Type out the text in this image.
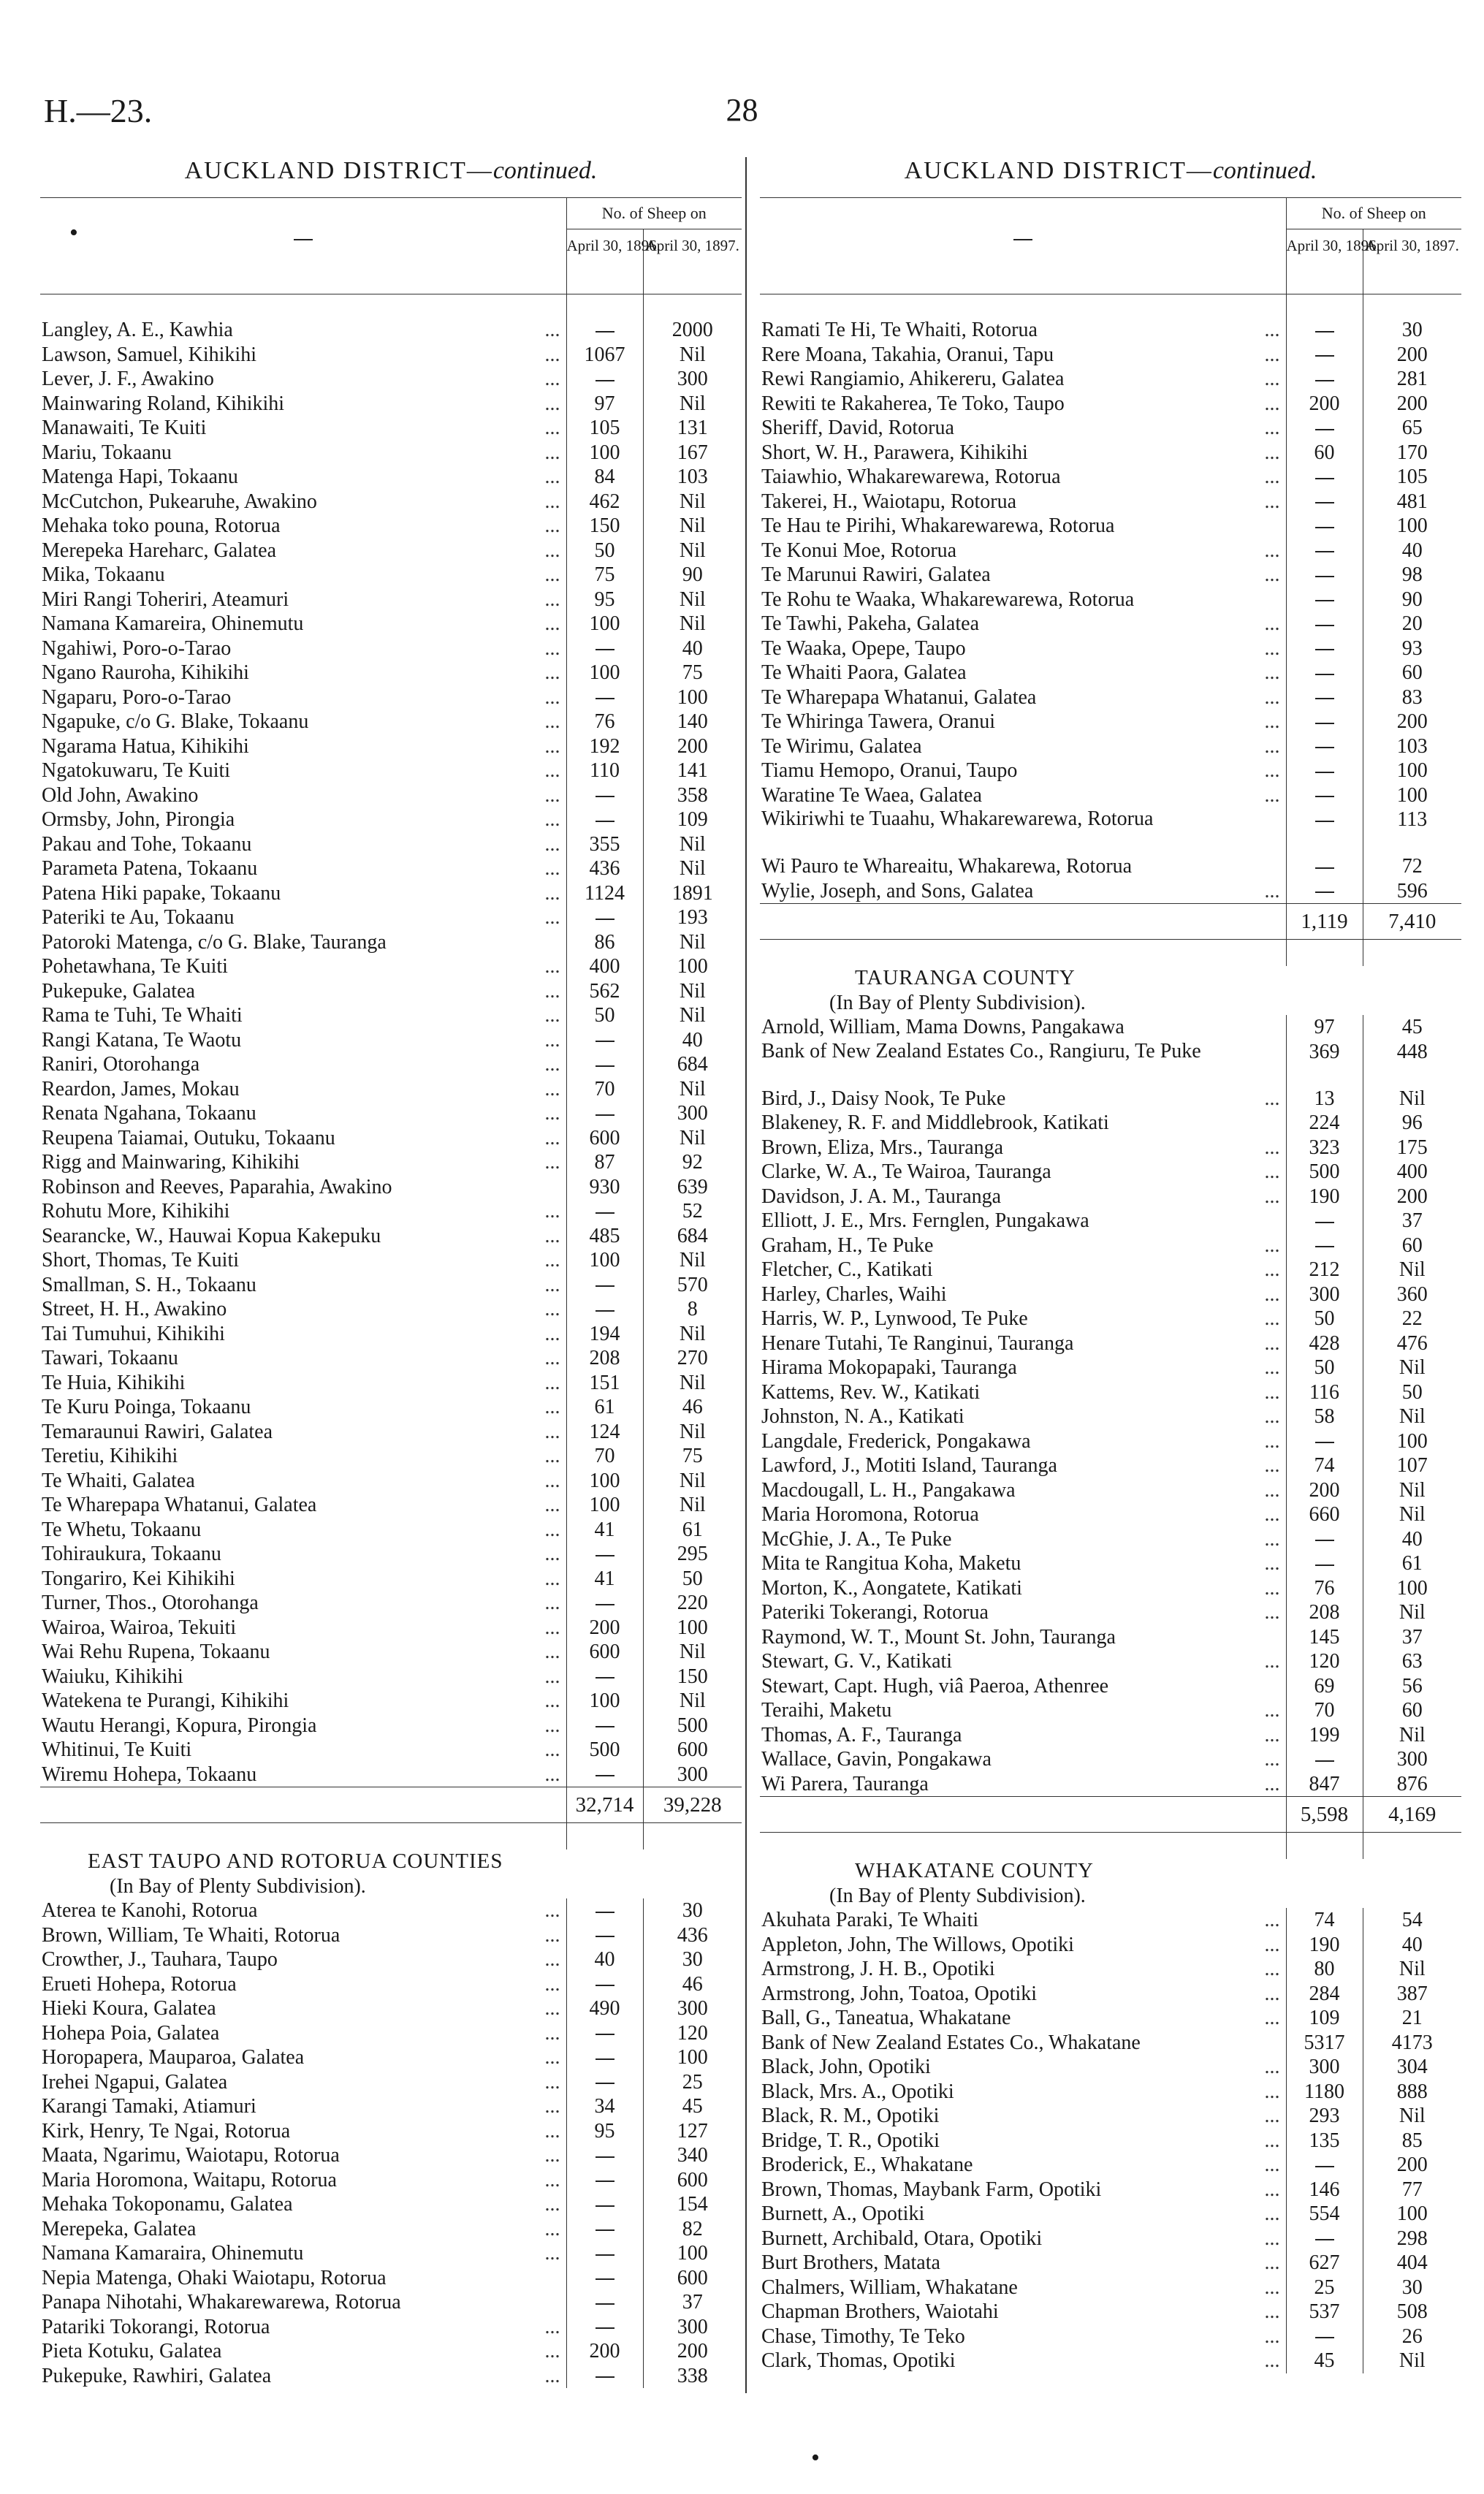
H.—23.	28
AUCKLAND DISTRICT—continued.
	No. of Sheep on	
	April 30, 1896.	April 30, 1897.

Langley, A. E., Kawhia ...		2000
Lawson, Samuel, Kihikihi ...	1067	Nil
Lever, J. F., Awakino ...		300
Mainwaring Roland, Kihikihi ...	97	Nil
Manawaiti, Te Kuiti ...	105	131
Mariu, Tokaanu ...	100	167
Matenga Hapi, Tokaanu ...	84	103
McCutchon, Pukearuhe, Awakino ...	462	Nil
Mehaka toko pouna, Rotorua ...	150	Nil
Merepeka Hareharc, Galatea ...	50	Nil
Mika, Tokaanu ...	75	90
Miri Rangi Toheriri, Ateamuri ...	95	Nil
Namana Kamareira, Ohinemutu ...	100	Nil
Ngahiwi, Poro-o-Tarao ...		40
Ngano Rauroha, Kihikihi ...	100	75
Ngaparu, Poro-o-Tarao ...		100
Ngapuke, c/o G. Blake, Tokaanu ...	76	140
Ngarama Hatua, Kihikihi ...	192	200
Ngatokuwaru, Te Kuiti ...	110	141
Old John, Awakino ...		358
Ormsby, John, Pirongia ...		109
Pakau and Tohe, Tokaanu ...	355	Nil
Parameta Patena, Tokaanu ...	436	Nil
Patena Hiki papake, Tokaanu ...	1124	1891
Pateriki te Au, Tokaanu ...		193
Patoroki Matenga, c/o G. Blake, Tauranga	86	Nil
Pohetawhana, Te Kuiti ...	400	100
Pukepuke, Galatea ...	562	Nil
Rama te Tuhi, Te Whaiti ...	50	Nil
Rangi Katana, Te Waotu ...		40
Raniri, Otorohanga ...		684
Reardon, James, Mokau ...	70	Nil
Renata Ngahana, Tokaanu ...		300
Reupena Taiamai, Outuku, Tokaanu ...	600	Nil
Rigg and Mainwaring, Kihikihi ...	87	92
Robinson and Reeves, Paparahia, Awakino	930	639
Rohutu More, Kihikihi ...		52
Searancke, W., Hauwai Kopua Kakepuku ...	485	684
Short, Thomas, Te Kuiti ...	100	Nil
Smallman, S. H., Tokaanu ...		570
Street, H. H., Awakino ...		8
Tai Tumuhui, Kihikihi ...	194	Nil
Tawari, Tokaanu ...	208	270
Te Huia, Kihikihi ...	151	Nil
Te Kuru Poinga, Tokaanu ...	61	46
Temaraunui Rawiri, Galatea ...	124	Nil
Teretiu, Kihikihi ...	70	75
Te Whaiti, Galatea ...	100	Nil
Te Wharepapa Whatanui, Galatea ...	100	Nil
Te Whetu, Tokaanu ...	41	61
Tohiraukura, Tokaanu ...		295
Tongariro, Kei Kihikihi ...	41	50
Turner, Thos., Otorohanga ...		220
Wairoa, Wairoa, Tekuiti ...	200	100
Wai Rehu Rupena, Tokaanu ...	600	Nil
Waiuku, Kihikihi ...		150
Watekena te Purangi, Kihikihi ...	100	Nil
Wautu Herangi, Kopura, Pirongia ...		500
Whitinui, Te Kuiti ...	500	600
Wiremu Hohepa, Tokaanu ...		300
	32,714	39,228

EAST TAUPO AND ROTORUA COUNTIES		
(In Bay of Plenty Subdivision).		
Aterea te Kanohi, Rotorua ...		30
Brown, William, Te Whaiti, Rotorua ...		436
Crowther, J., Tauhara, Taupo ...	40	30
Erueti Hohepa, Rotorua ...		46
Hieki Koura, Galatea ...	490	300
Hohepa Poia, Galatea ...		120
Horopapera, Mauparoa, Galatea ...		100
Irehei Ngapui, Galatea ...		25
Karangi Tamaki, Atiamuri ...	34	45
Kirk, Henry, Te Ngai, Rotorua ...	95	127
Maata, Ngarimu, Waiotapu, Rotorua ...		340
Maria Horomona, Waitapu, Rotorua ...		600
Mehaka Tokoponamu, Galatea ...		154
Merepeka, Galatea ...		82
Namana Kamaraira, Ohinemutu ...		100
Nepia Matenga, Ohaki Waiotapu, Rotorua		600
Panapa Nihotahi, Whakarewarewa, Rotorua		37
Patariki Tokorangi, Rotorua ...		300
Pieta Kotuku, Galatea ...	200	200
Pukepuke, Rawhiri, Galatea ...		338
AUCKLAND DISTRICT—continued.
	No. of Sheep on	
	April 30, 1896.	April 30, 1897.

Ramati Te Hi, Te Whaiti, Rotorua ...		30
Rere Moana, Takahia, Oranui, Tapu ...		200
Rewi Rangiamio, Ahikereru, Galatea ...		281
Rewiti te Rakaherea, Te Toko, Taupo ...	200	200
Sheriff, David, Rotorua ...		65
Short, W. H., Parawera, Kihikihi ...	60	170
Taiawhio, Whakarewarewa, Rotorua ...		105
Takerei, H., Waiotapu, Rotorua ...		481
Te Hau te Pirihi, Whakarewarewa, Rotorua		100
Te Konui Moe, Rotorua ...		40
Te Marunui Rawiri, Galatea ...		98
Te Rohu te Waaka, Whakarewarewa, Rotorua		90
Te Tawhi, Pakeha, Galatea ...		20
Te Waaka, Opepe, Taupo ...		93
Te Whaiti Paora, Galatea ...		60
Te Wharepapa Whatanui, Galatea ...		83
Te Whiringa Tawera, Oranui ...		200
Te Wirimu, Galatea ...		103
Tiamu Hemopo, Oranui, Taupo ...		100
Waratine Te Waea, Galatea ...		100
Wikiriwhi te Tuaahu, Whakarewarewa, Rotorua		113
Wi Pauro te Whareaitu, Whakarewa, Rotorua		72
Wylie, Joseph, and Sons, Galatea ...		596
	1,119	7,410

TAURANGA COUNTY		
(In Bay of Plenty Subdivision).		
Arnold, William, Mama Downs, Pangakawa	97	45
Bank of New Zealand Estates Co., Rangiuru, Te Puke	369	448
Bird, J., Daisy Nook, Te Puke ...	13	Nil
Blakeney, R. F. and Middlebrook, Katikati	224	96
Brown, Eliza, Mrs., Tauranga ...	323	175
Clarke, W. A., Te Wairoa, Tauranga ...	500	400
Davidson, J. A. M., Tauranga ...	190	200
Elliott, J. E., Mrs. Fernglen, Pungakawa		37
Graham, H., Te Puke ...		60
Fletcher, C., Katikati ...	212	Nil
Harley, Charles, Waihi ...	300	360
Harris, W. P., Lynwood, Te Puke ...	50	22
Henare Tutahi, Te Ranginui, Tauranga ...	428	476
Hirama Mokopapaki, Tauranga ...	50	Nil
Kattems, Rev. W., Katikati ...	116	50
Johnston, N. A., Katikati ...	58	Nil
Langdale, Frederick, Pongakawa ...		100
Lawford, J., Motiti Island, Tauranga ...	74	107
Macdougall, L. H., Pangakawa ...	200	Nil
Maria Horomona, Rotorua ...	660	Nil
McGhie, J. A., Te Puke ...		40
Mita te Rangitua Koha, Maketu ...		61
Morton, K., Aongatete, Katikati ...	76	100
Pateriki Tokerangi, Rotorua ...	208	Nil
Raymond, W. T., Mount St. John, Tauranga	145	37
Stewart, G. V., Katikati ...	120	63
Stewart, Capt. Hugh, viâ Paeroa, Athenree	69	56
Teraihi, Maketu ...	70	60
Thomas, A. F., Tauranga ...	199	Nil
Wallace, Gavin, Pongakawa ...		300
Wi Parera, Tauranga ...	847	876
	5,598	4,169

WHAKATANE COUNTY		
(In Bay of Plenty Subdivision).		
Akuhata Paraki, Te Whaiti ...	74	54
Appleton, John, The Willows, Opotiki ...	190	40
Armstrong, J. H. B., Opotiki ...	80	Nil
Armstrong, John, Toatoa, Opotiki ...	284	387
Ball, G., Taneatua, Whakatane ...	109	21
Bank of New Zealand Estates Co., Whakatane	5317	4173
Black, John, Opotiki ...	300	304
Black, Mrs. A., Opotiki ...	1180	888
Black, R. M., Opotiki ...	293	Nil
Bridge, T. R., Opotiki ...	135	85
Broderick, E., Whakatane ...		200
Brown, Thomas, Maybank Farm, Opotiki ...	146	77
Burnett, A., Opotiki ...	554	100
Burnett, Archibald, Otara, Opotiki ...		298
Burt Brothers, Matata ...	627	404
Chalmers, William, Whakatane ...	25	30
Chapman Brothers, Waiotahi ...	537	508
Chase, Timothy, Te Teko ...		26
Clark, Thomas, Opotiki ...	45	Nil
•
•
